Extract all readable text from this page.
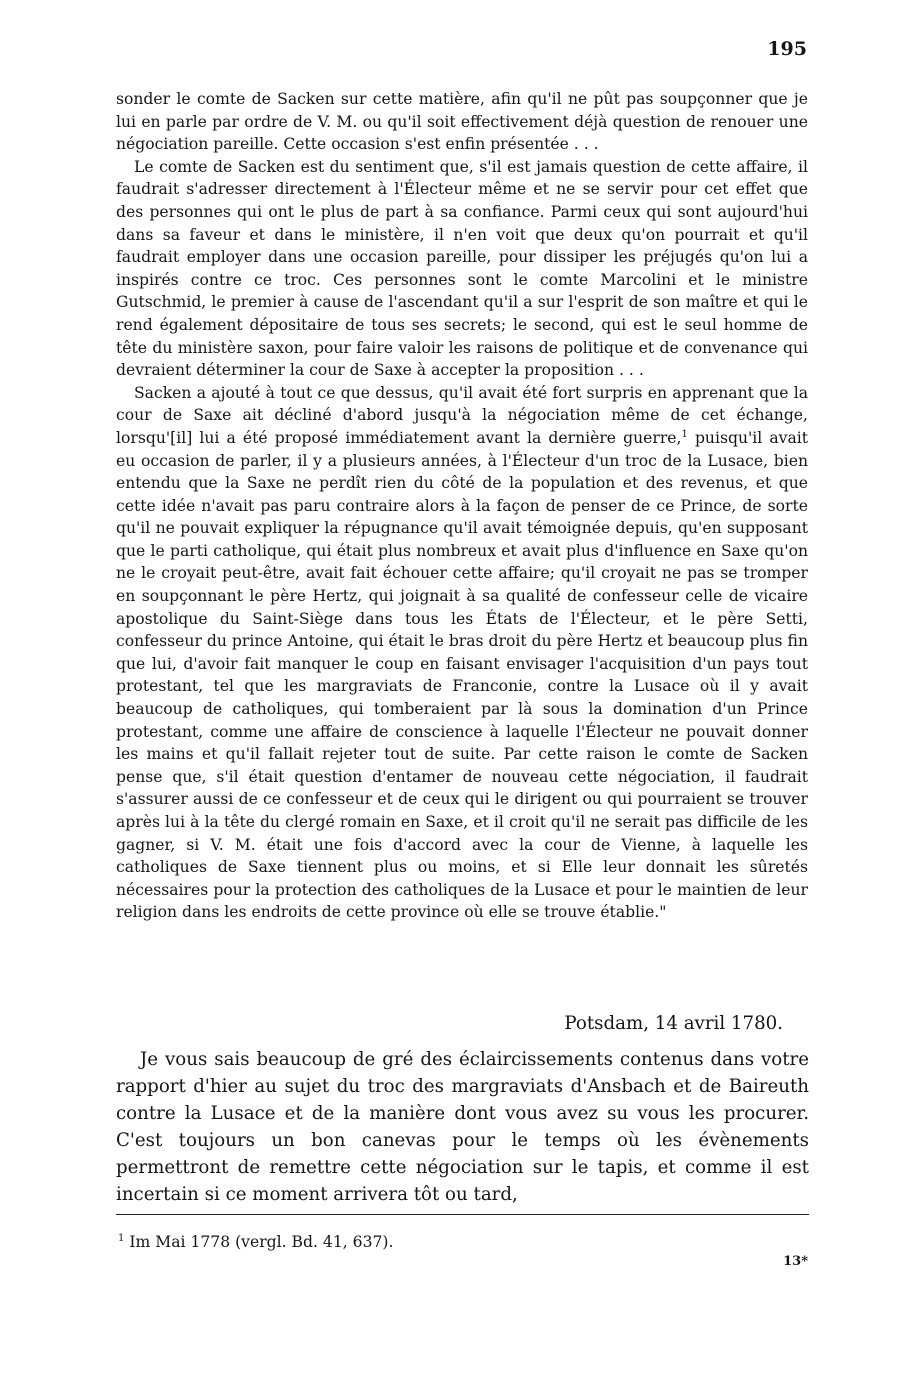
195

sonder le comte de Sacken sur cette matière, afin qu'il ne pût pas soupçonner que je lui en parle par ordre de V. M. ou qu'il soit effectivement déjà question de renouer une négociation pareille. Cette occasion s'est enfin présentée . . .

Le comte de Sacken est du sentiment que, s'il est jamais question de cette affaire, il faudrait s'adresser directement à l'Électeur même et ne se servir pour cet effet que des personnes qui ont le plus de part à sa confiance. Parmi ceux qui sont aujourd'hui dans sa faveur et dans le ministère, il n'en voit que deux qu'on pourrait et qu'il faudrait employer dans une occasion pareille, pour dissiper les préjugés qu'on lui a inspirés contre ce troc. Ces personnes sont le comte Marcolini et le ministre Gutschmid, le premier à cause de l'ascendant qu'il a sur l'esprit de son maître et qui le rend également dépositaire de tous ses secrets; le second, qui est le seul homme de tête du ministère saxon, pour faire valoir les raisons de politique et de convenance qui devraient déterminer la cour de Saxe à accepter la proposition . . .

Sacken a ajouté à tout ce que dessus, qu'il avait été fort surpris en apprenant que la cour de Saxe ait décliné d'abord jusqu'à la négociation même de cet échange, lorsqu'[il] lui a été proposé immédiatement avant la dernière guerre,$^1$ puisqu'il avait eu occasion de parler, il y a plusieurs années, à l'Électeur d'un troc de la Lusace, bien entendu que la Saxe ne perdît rien du côté de la population et des revenus, et que cette idée n'avait pas paru contraire alors à la façon de penser de ce Prince, de sorte qu'il ne pouvait expliquer la répugnance qu'il avait témoignée depuis, qu'en supposant que le parti catholique, qui était plus nombreux et avait plus d'influence en Saxe qu'on ne le croyait peut-être, avait fait échouer cette affaire; qu'il croyait ne pas se tromper en soupçonnant le père Hertz, qui joignait à sa qualité de confesseur celle de vicaire apostolique du Saint-Siège dans tous les États de l'Électeur, et le père Setti, confesseur du prince Antoine, qui était le bras droit du père Hertz et beaucoup plus fin que lui, d'avoir fait manquer le coup en faisant envisager l'acquisition d'un pays tout protestant, tel que les margraviats de Franconie, contre la Lusace où il y avait beaucoup de catholiques, qui tomberaient par là sous la domination d'un Prince protestant, comme une affaire de conscience à laquelle l'Électeur ne pouvait donner les mains et qu'il fallait rejeter tout de suite. Par cette raison le comte de Sacken pense que, s'il était question d'entamer de nouveau cette négociation, il faudrait s'assurer aussi de ce confesseur et de ceux qui le dirigent ou qui pourraient se trouver après lui à la tête du clergé romain en Saxe, et il croit qu'il ne serait pas difficile de les gagner, si V. M. était une fois d'accord avec la cour de Vienne, à laquelle les catholiques de Saxe tiennent plus ou moins, et si Elle leur donnait les sûretés nécessaires pour la protection des catholiques de la Lusace et pour le maintien de leur religion dans les endroits de cette province où elle se trouve établie."

Potsdam, 14 avril 1780.

Je vous sais beaucoup de gré des éclaircissements contenus dans votre rapport d'hier au sujet du troc des margraviats d'Ansbach et de Baireuth contre la Lusace et de la manière dont vous avez su vous les procurer. C'est toujours un bon canevas pour le temps où les évènements permettront de remettre cette négociation sur le tapis, et comme il est incertain si ce moment arrivera tôt ou tard,

$^1$ Im Mai 1778 (vergl. Bd. 41, 637).
13*
